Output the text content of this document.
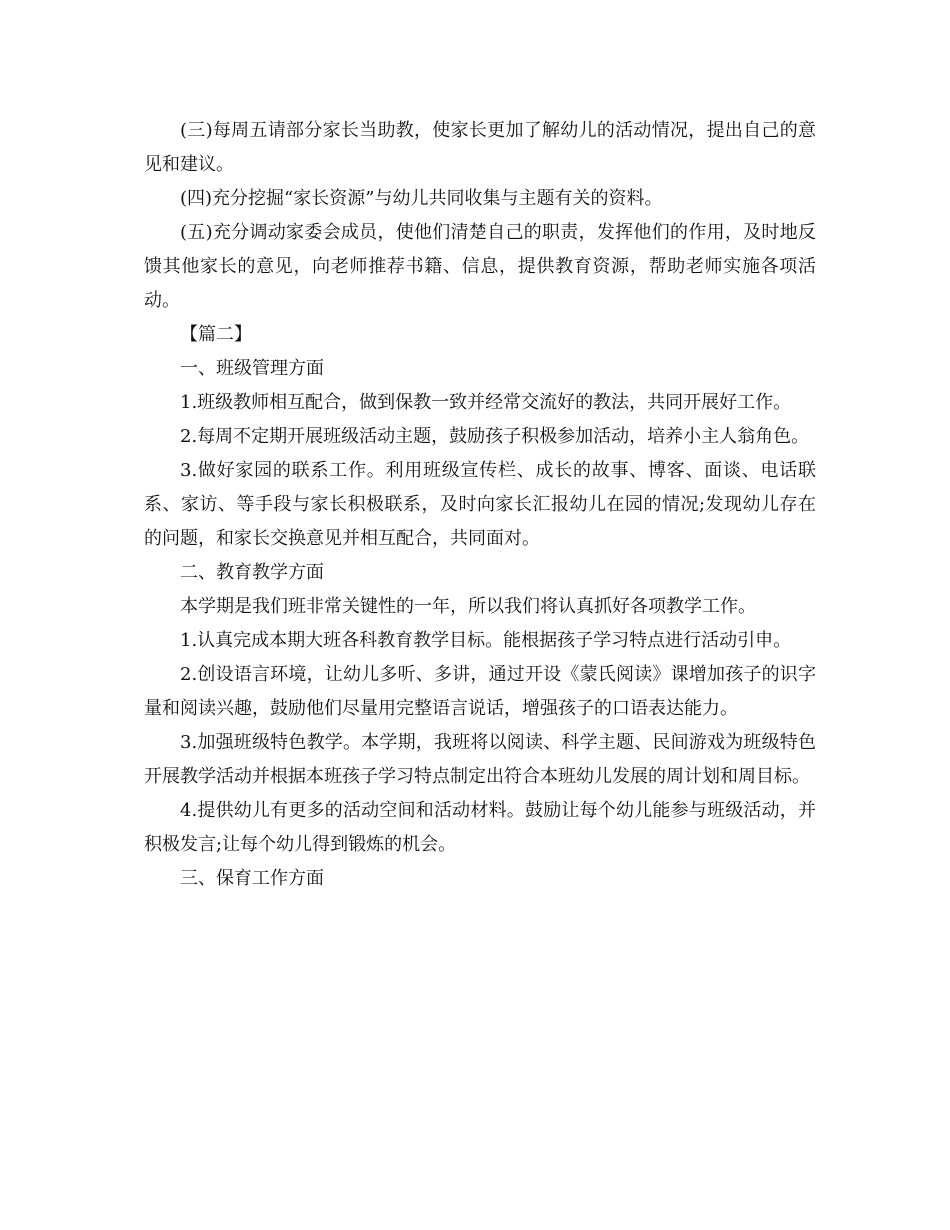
(三)每周五请部分家长当助教，使家长更加了解幼儿的活动情况，提出自己的意见和建议。

(四)充分挖掘“家长资源”与幼儿共同收集与主题有关的资料。

(五)充分调动家委会成员，使他们清楚自己的职责，发挥他们的作用，及时地反馈其他家长的意见，向老师推荐书籍、信息，提供教育资源，帮助老师实施各项活动。

【篇二】

一、班级管理方面

1.班级教师相互配合，做到保教一致并经常交流好的教法，共同开展好工作。

2.每周不定期开展班级活动主题，鼓励孩子积极参加活动，培养小主人翁角色。

3.做好家园的联系工作。利用班级宣传栏、成长的故事、博客、面谈、电话联系、家访、等手段与家长积极联系，及时向家长汇报幼儿在园的情况;发现幼儿存在的问题，和家长交换意见并相互配合，共同面对。

二、教育教学方面

本学期是我们班非常关键性的一年，所以我们将认真抓好各项教学工作。

1.认真完成本期大班各科教育教学目标。能根据孩子学习特点进行活动引申。

2.创设语言环境，让幼儿多听、多讲，通过开设《蒙氏阅读》课增加孩子的识字量和阅读兴趣，鼓励他们尽量用完整语言说话，增强孩子的口语表达能力。

3.加强班级特色教学。本学期，我班将以阅读、科学主题、民间游戏为班级特色开展教学活动并根据本班孩子学习特点制定出符合本班幼儿发展的周计划和周目标。

4.提供幼儿有更多的活动空间和活动材料。鼓励让每个幼儿能参与班级活动，并积极发言;让每个幼儿得到锻炼的机会。

三、保育工作方面
